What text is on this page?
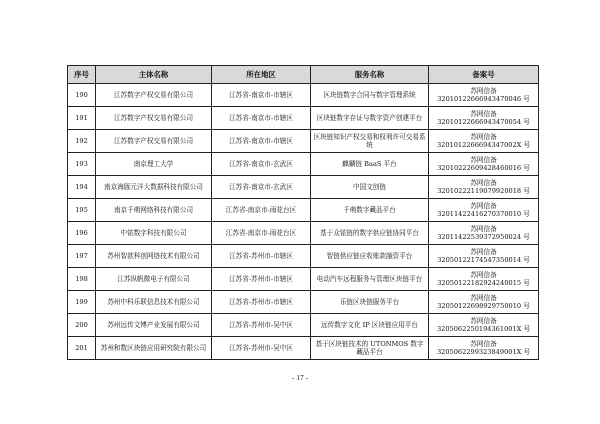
序号	主体名称	所在地区	服务名称	备案号
190	江苏数字产权交易有限公司	江苏省-南京市-市辖区	区块链数字合同与数字管理系统	苏网信备
32010122666943470046 号

191	江苏数字产权交易有限公司	江苏省-南京市-市辖区	区块链数字存证与数字资产创建平台	苏网信备
32010122666943470054 号

192	江苏数字产权交易有限公司	江苏省-南京市-市辖区	区块链知识产权交易和权利许可交易系统	苏网信备
3201012266694347002X 号

193	南京理工大学	江苏省-南京市-玄武区	麒麟链 BaaS 平台	苏网信备
32010222609428460016 号

194	南京海豚元洋大数据科技有限公司	江苏省-南京市-玄武区	中国文创链	苏网信备
32010222119079920018 号

195	南京千萌网络科技有限公司	江苏省-南京市-雨花台区	千萌数字藏品平台	苏网信备
32011422416270370010 号

196	中铱数字科技有限公司	江苏省-南京市-雨花台区	基于众铱链的数字供应链协同平台	苏网信备
32011422539372950024 号

197	苏州智歆科创网络技术有限公司	江苏省-苏州市-市辖区	智链供应链应收账款融资平台	苏网信备
32050122174547350014 号

198	江苏纵帆微电子有限公司	江苏省-苏州市-市辖区	电动汽车远程服务与管理区块链平台	苏网信备
32050122182924240015 号

199	苏州中科乐联信息技术有限公司	江苏省-苏州市-市辖区	乐链区块链服务平台	苏网信备
32050122698929750010 号

200	苏州远传文博产业发展有限公司	江苏省-苏州市-吴中区	远传数字文化 IP 区块链应用平台	苏网信备
3205062250194361001X 号

201	苏州和数区块链应用研究院有限公司	江苏省-苏州市-吴中区	基于区块链技术的 UTONMOS 数字藏品平台	苏网信备
3205062299323849001X 号
- 17 -
